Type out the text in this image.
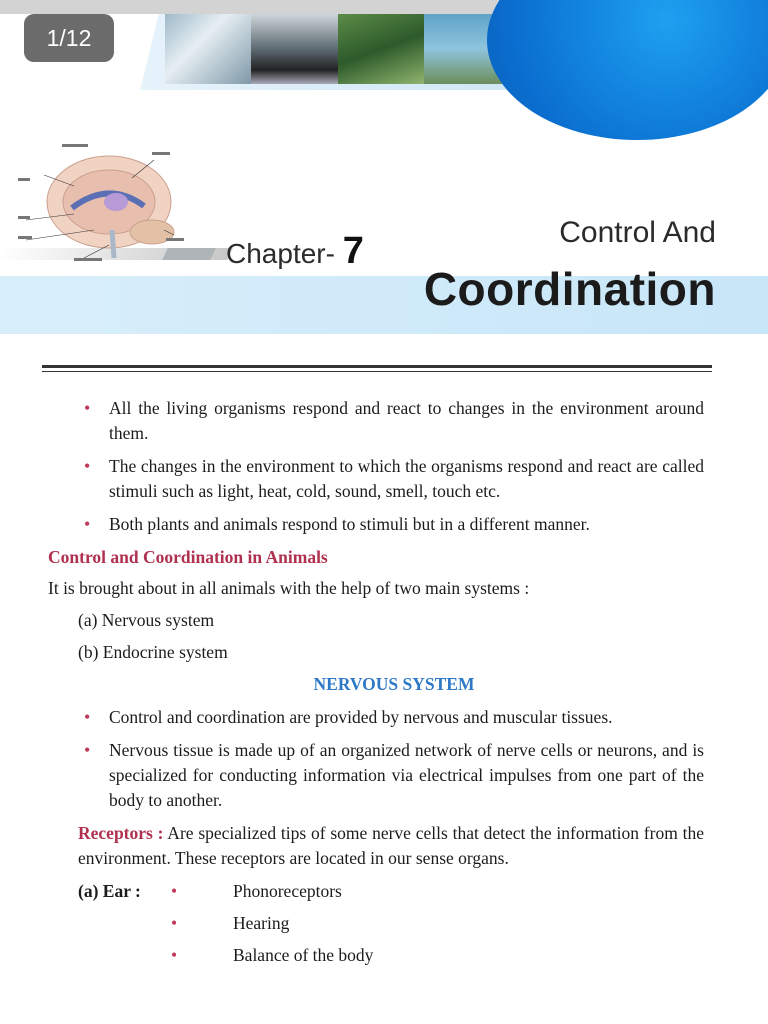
1/12
Chapter- 7	Control And
Coordination
• All the living organisms respond and react to changes in the environment around them.
• The changes in the environment to which the organisms respond and react are called stimuli such as light, heat, cold, sound, smell, touch etc.
• Both plants and animals respond to stimuli but in a different manner.
Control and Coordination in Animals
It is brought about in all animals with the help of two main systems :
(a) Nervous system
(b) Endocrine system
NERVOUS SYSTEM
• Control and coordination are provided by nervous and muscular tissues.
• Nervous tissue is made up of an organized network of nerve cells or neurons, and is specialized for conducting information via electrical impulses from one part of the body to another.
Receptors : Are specialized tips of some nerve cells that detect the information from the environment. These receptors are located in our sense organs.
(a) Ear : •	Phonoreceptors
•	Hearing
•	Balance of the body
